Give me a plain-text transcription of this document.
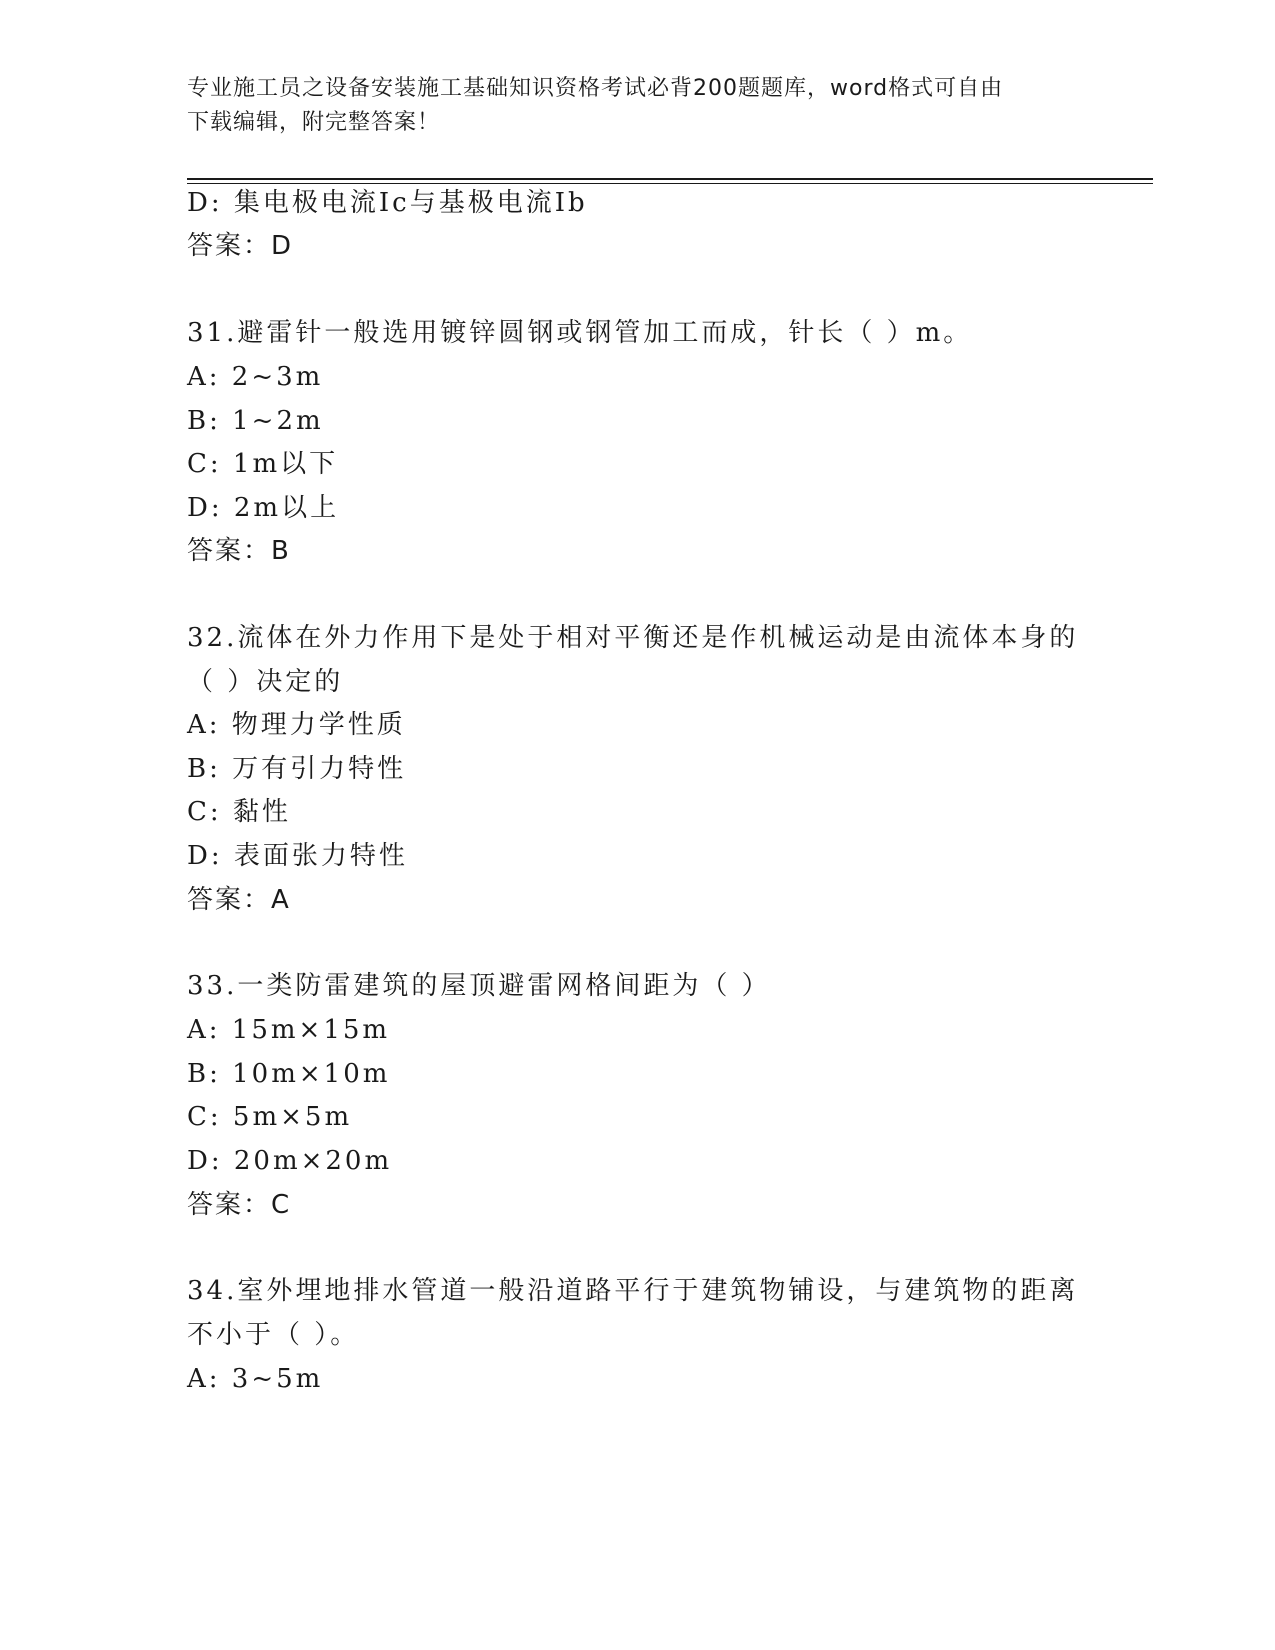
专业施工员之设备安装施工基础知识资格考试必背200题题库，word格式可自由
下载编辑，附完整答案！
D: 集电极电流Ic与基极电流Ib
答案：D
31.避雷针一般选用镀锌圆钢或钢管加工而成，针长（ ）m。
A: 2~3m
B: 1~2m
C: 1m以下
D: 2m以上
答案：B
32.流体在外力作用下是处于相对平衡还是作机械运动是由流体本身的
（ ）决定的
A: 物理力学性质
B: 万有引力特性
C: 黏性
D: 表面张力特性
答案：A
33.一类防雷建筑的屋顶避雷网格间距为（ ）
A: 15m×15m
B: 10m×10m
C: 5m×5m
D: 20m×20m
答案：C
34.室外埋地排水管道一般沿道路平行于建筑物铺设，与建筑物的距离
不小于（ ）。
A: 3~5m
